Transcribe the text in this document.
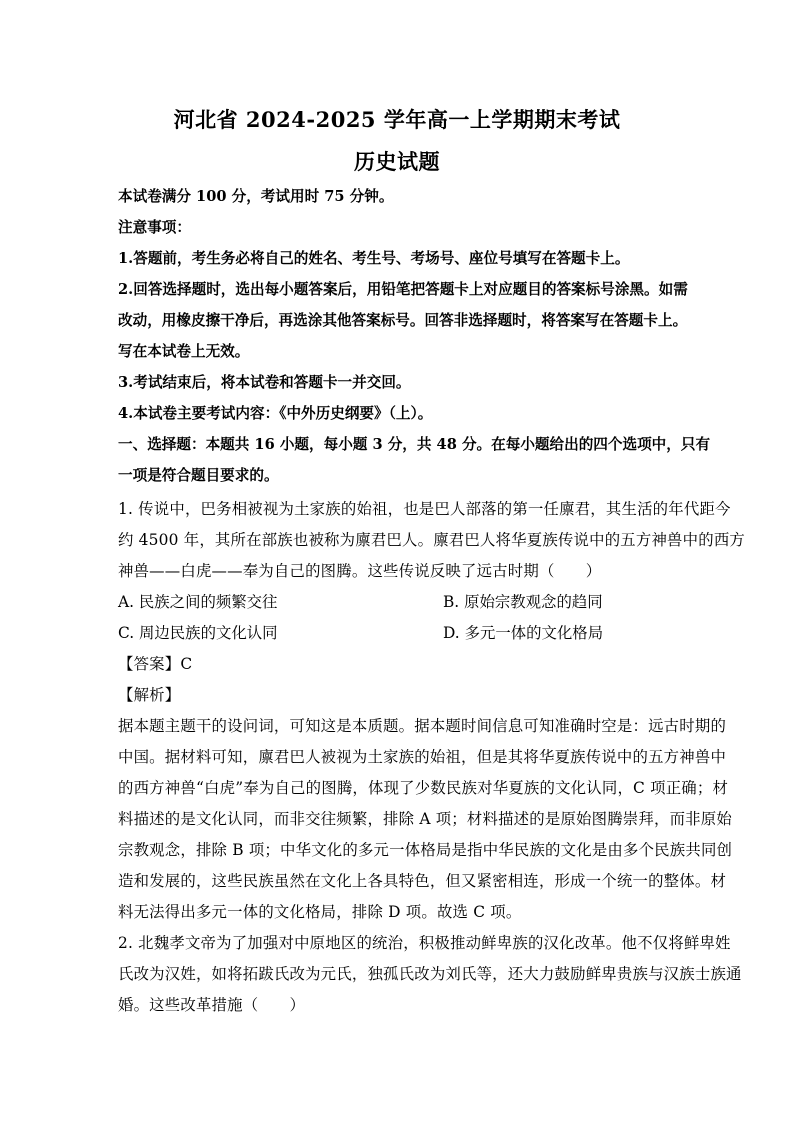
河北省 2024-2025 学年高一上学期期末考试
历史试题
本试卷满分 100 分，考试用时 75 分钟。
注意事项：
1.答题前，考生务必将自己的姓名、考生号、考场号、座位号填写在答题卡上。
2.回答选择题时，选出每小题答案后，用铅笔把答题卡上对应题目的答案标号涂黑。如需
改动，用橡皮擦干净后，再选涂其他答案标号。回答非选择题时，将答案写在答题卡上。
写在本试卷上无效。
3.考试结束后，将本试卷和答题卡一并交回。
4.本试卷主要考试内容：《中外历史纲要》（上）。
一、选择题：本题共 16 小题，每小题 3 分，共 48 分。在每小题给出的四个选项中，只有
一项是符合题目要求的。
1. 传说中，巴务相被视为土家族的始祖，也是巴人部落的第一任廪君，其生活的年代距今
约 4500 年，其所在部族也被称为廪君巴人。廪君巴人将华夏族传说中的五方神兽中的西方
神兽——白虎——奉为自己的图腾。这些传说反映了远古时期（　　）
A. 民族之间的频繁交往	B. 原始宗教观念的趋同
C. 周边民族的文化认同	D. 多元一体的文化格局
【答案】C
【解析】
据本题主题干的设问词，可知这是本质题。据本题时间信息可知准确时空是：远古时期的
中国。据材料可知，廪君巴人被视为土家族的始祖，但是其将华夏族传说中的五方神兽中
的西方神兽“白虎”奉为自己的图腾，体现了少数民族对华夏族的文化认同，C 项正确；材
料描述的是文化认同，而非交往频繁，排除 A 项；材料描述的是原始图腾崇拜，而非原始
宗教观念，排除 B 项；中华文化的多元一体格局是指中华民族的文化是由多个民族共同创
造和发展的，这些民族虽然在文化上各具特色，但又紧密相连，形成一个统一的整体。材
料无法得出多元一体的文化格局，排除 D 项。故选 C 项。
2. 北魏孝文帝为了加强对中原地区的统治，积极推动鲜卑族的汉化改革。他不仅将鲜卑姓
氏改为汉姓，如将拓跋氏改为元氏，独孤氏改为刘氏等，还大力鼓励鲜卑贵族与汉族士族通
婚。这些改革措施（　　）
